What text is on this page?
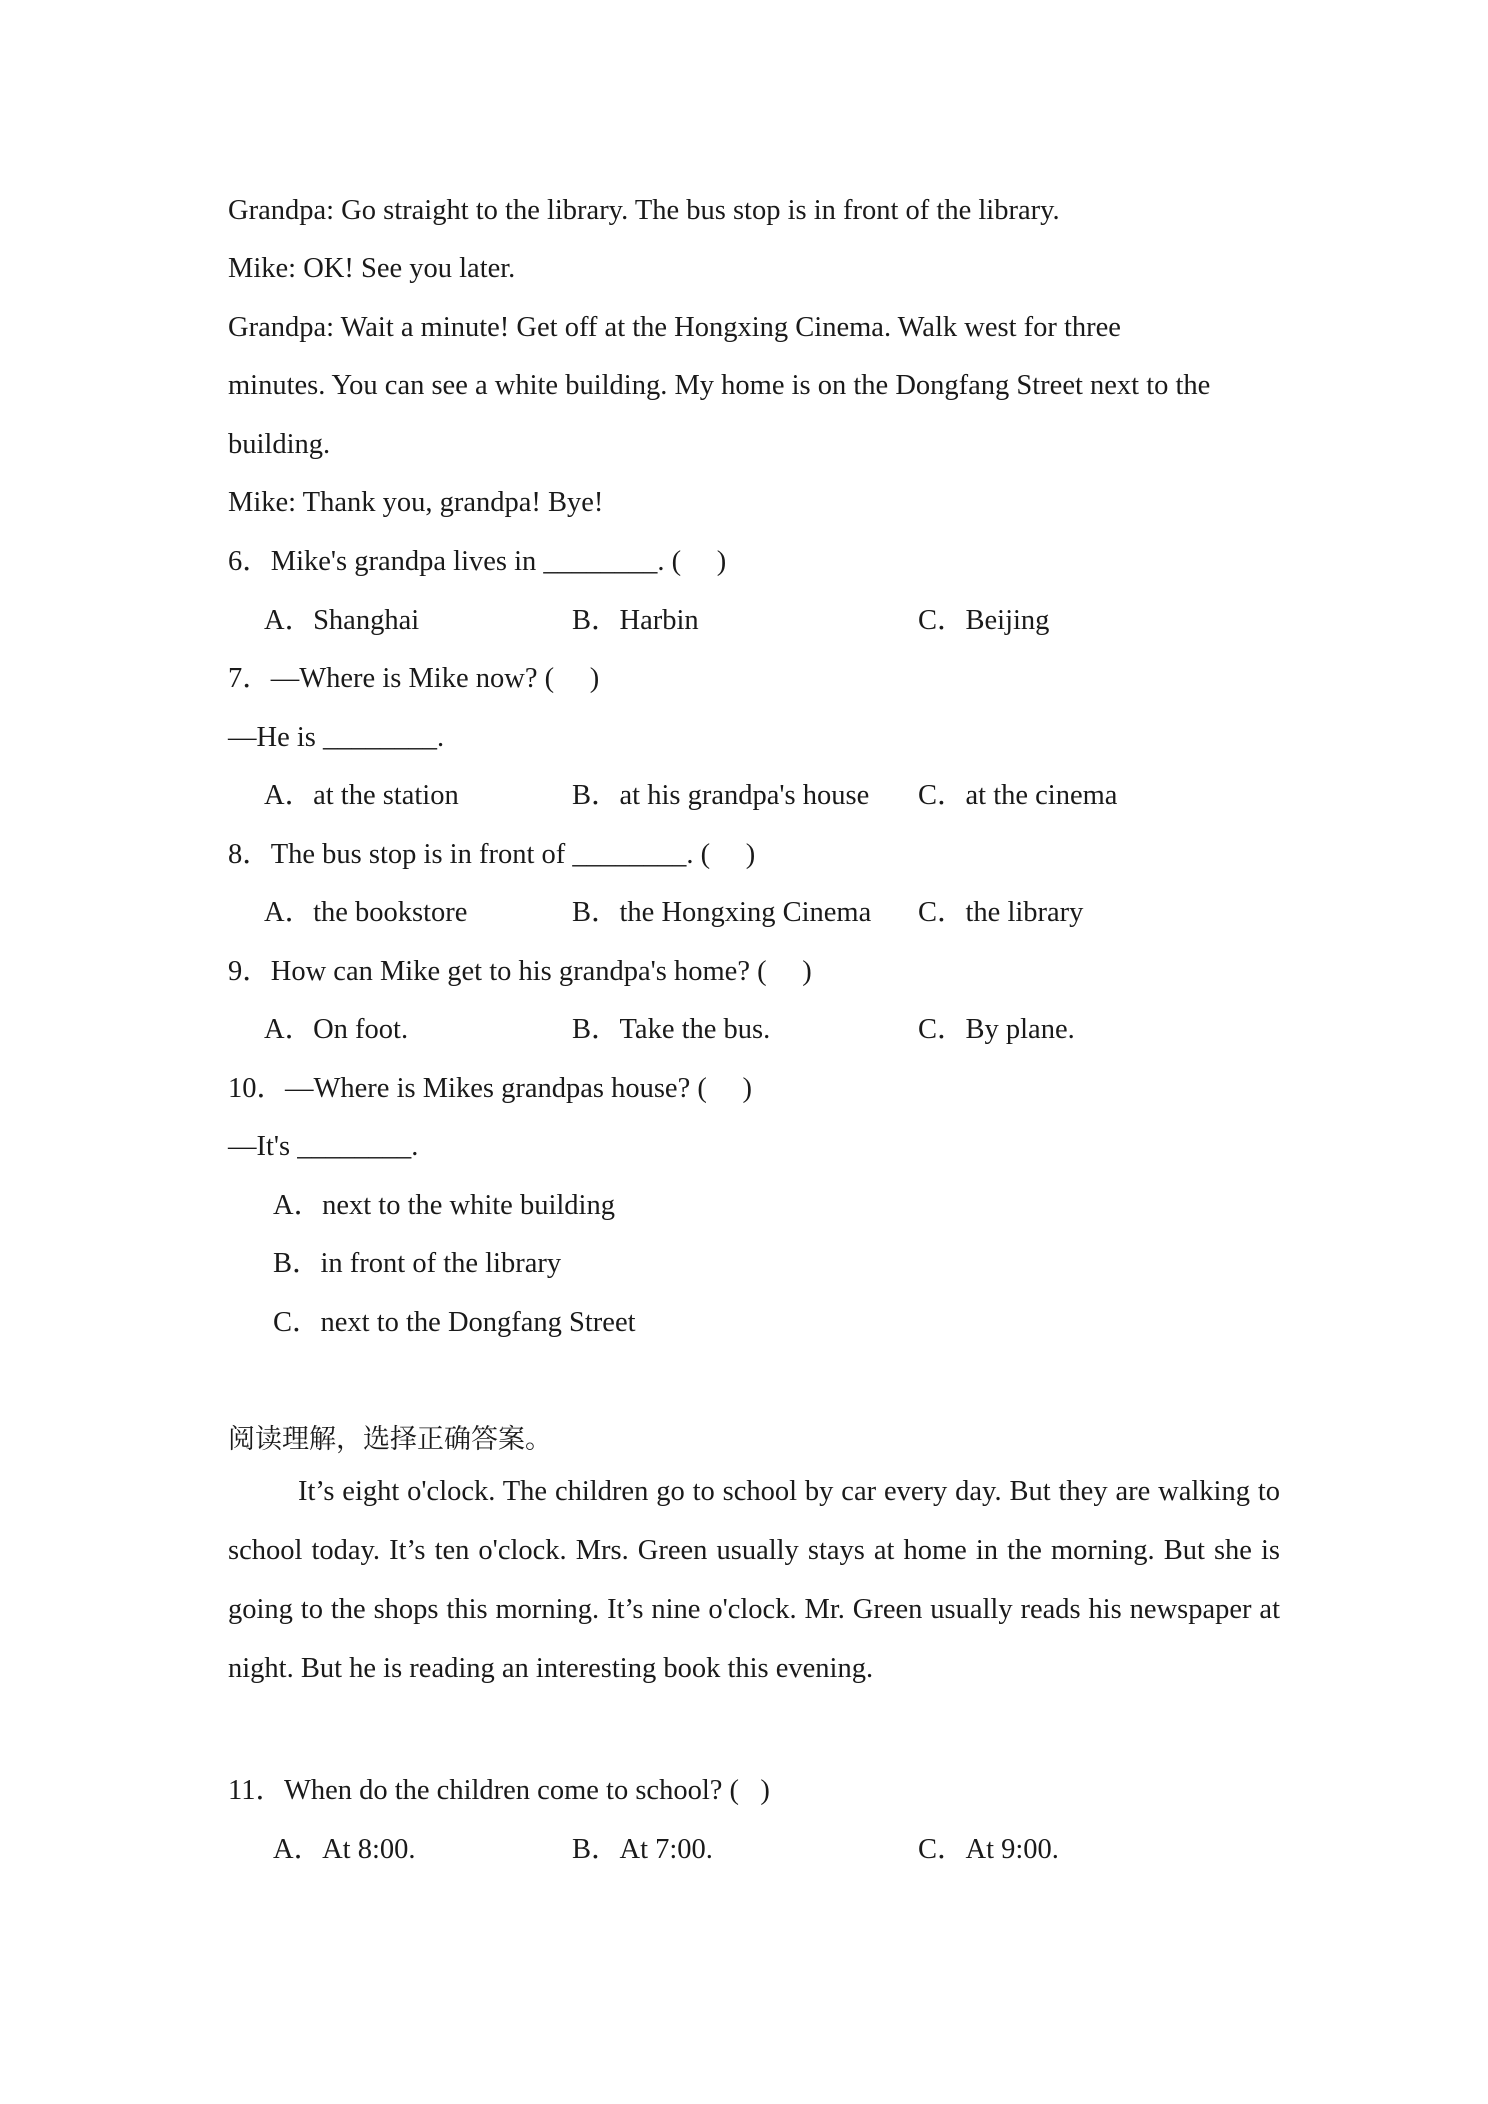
Grandpa: Go straight to the library. The bus stop is in front of the library.
Mike: OK! See you later.
Grandpa: Wait a minute! Get off at the Hongxing Cinema. Walk west for three
minutes. You can see a white building. My home is on the Dongfang Street next to the
building.
Mike: Thank you, grandpa! Bye!
6．Mike's grandpa lives in ________. (     )
A．Shanghai	B．Harbin	C．Beijing
7．—Where is Mike now? (     )
—He is ________.
A．at the station	B．at his grandpa's house C．at the cinema
8．The bus stop is in front of ________. (     )
A．the bookstore	B．the Hongxing Cinema C．the library
9．How can Mike get to his grandpa's home? (     )
A．On foot.	B．Take the bus.	C．By plane.
10．—Where is Mikes grandpas house? (     )
—It's ________.
A．next to the white building
B．in front of the library
C．next to the Dongfang Street
阅读理解，选择正确答案。
It’s eight o'clock. The children go to school by car every day. But they are walking to school today. It’s ten o'clock. Mrs. Green usually stays at home in the morning. But she is going to the shops this morning. It’s nine o'clock. Mr. Green usually reads his newspaper at night. But he is reading an interesting book this evening.
11．When do the children come to school? (   )
A．At 8:00.	B．At 7:00.	C．At 9:00.
